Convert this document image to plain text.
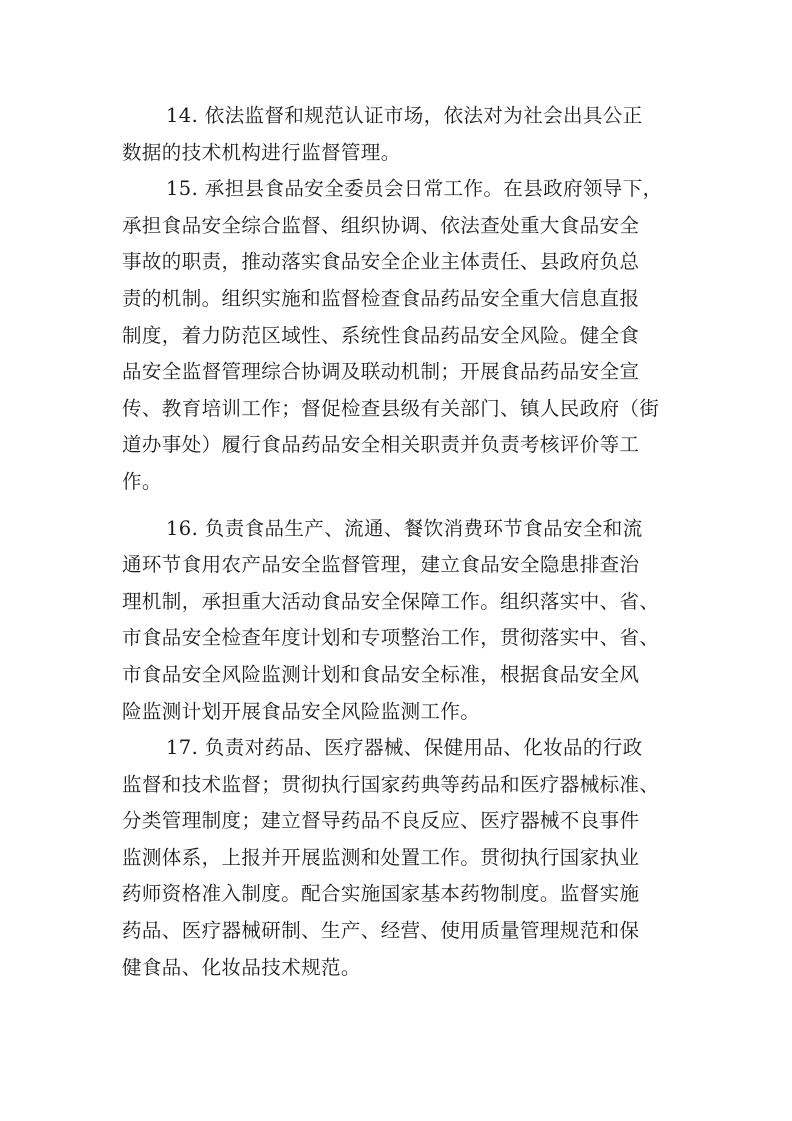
14. 依法监督和规范认证市场，依法对为社会出具公正
数据的技术机构进行监督管理。
15. 承担县食品安全委员会日常工作。在县政府领导下，
承担食品安全综合监督、组织协调、依法查处重大食品安全
事故的职责，推动落实食品安全企业主体责任、县政府负总
责的机制。组织实施和监督检查食品药品安全重大信息直报
制度，着力防范区域性、系统性食品药品安全风险。健全食
品安全监督管理综合协调及联动机制；开展食品药品安全宣
传、教育培训工作；督促检查县级有关部门、镇人民政府（街
道办事处）履行食品药品安全相关职责并负责考核评价等工
作。
16. 负责食品生产、流通、餐饮消费环节食品安全和流
通环节食用农产品安全监督管理，建立食品安全隐患排查治
理机制，承担重大活动食品安全保障工作。组织落实中、省、
市食品安全检查年度计划和专项整治工作，贯彻落实中、省、
市食品安全风险监测计划和食品安全标准，根据食品安全风
险监测计划开展食品安全风险监测工作。
17. 负责对药品、医疗器械、保健用品、化妆品的行政
监督和技术监督；贯彻执行国家药典等药品和医疗器械标准、
分类管理制度；建立督导药品不良反应、医疗器械不良事件
监测体系，上报并开展监测和处置工作。贯彻执行国家执业
药师资格准入制度。配合实施国家基本药物制度。监督实施
药品、医疗器械研制、生产、经营、使用质量管理规范和保
健食品、化妆品技术规范。
